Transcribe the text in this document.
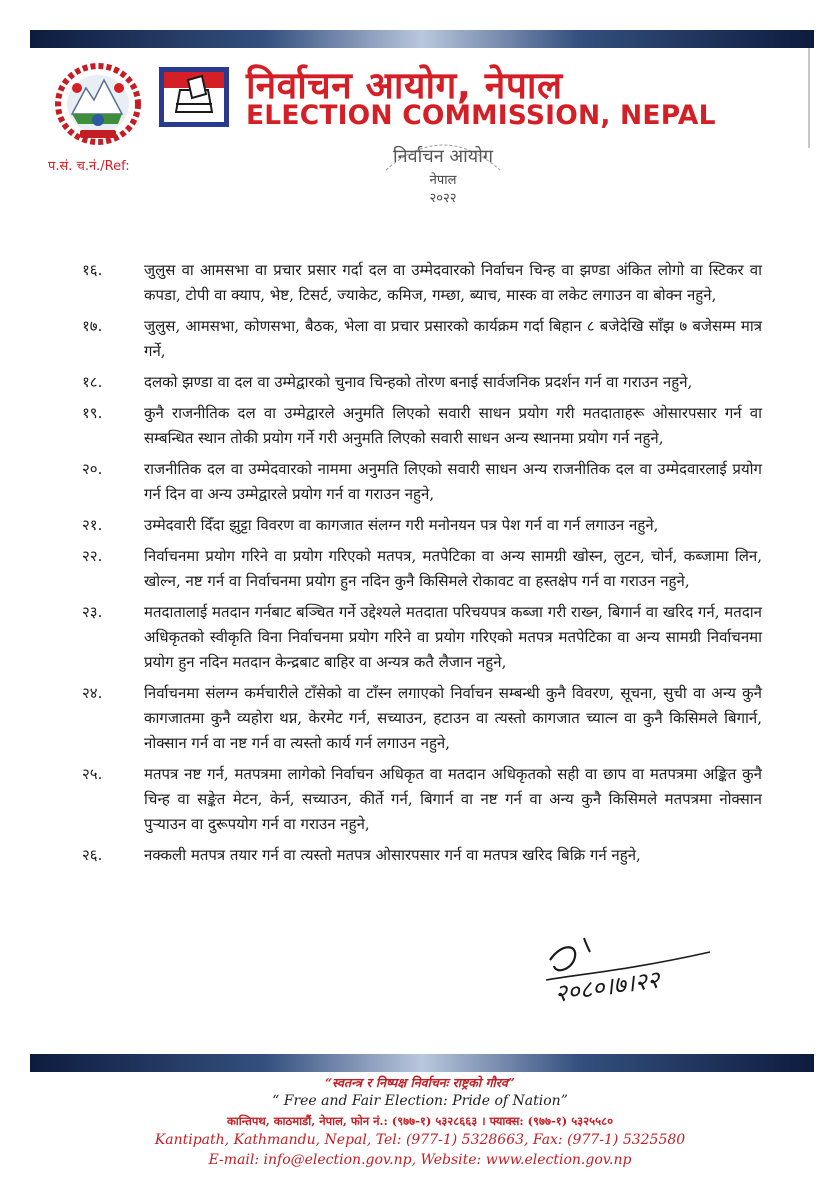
निर्वाचन आयोग, नेपाल
ELECTION COMMISSION, NEPAL
प.सं. च.नं./Ref:	निर्वाचन आयोग
नेपाल
२०२२
१६.	जुलुस वा आमसभा वा प्रचार प्रसार गर्दा दल वा उम्मेदवारको निर्वाचन चिन्ह वा झण्डा अंकित लोगो वा स्टिकर वा कपडा, टोपी वा क्याप, भेष्ट, टिसर्ट, ज्याकेट, कमिज, गम्छा, ब्याच, मास्क वा लकेट लगाउन वा बोक्न नहुने,
१७.	जुलुस, आमसभा, कोणसभा, बैठक, भेला वा प्रचार प्रसारको कार्यक्रम गर्दा बिहान ८ बजेदेखि साँझ ७ बजेसम्म मात्र गर्ने,
१८.	दलको झण्डा वा दल वा उम्मेद्वारको चुनाव चिन्हको तोरण बनाई सार्वजनिक प्रदर्शन गर्न वा गराउन नहुने,
१९.	कुनै राजनीतिक दल वा उम्मेद्वारले अनुमति लिएको सवारी साधन प्रयोग गरी मतदाताहरू ओसारपसार गर्न वा सम्बन्धित स्थान तोकी प्रयोग गर्ने गरी अनुमति लिएको सवारी साधन अन्य स्थानमा प्रयोग गर्न नहुने,
२०.	राजनीतिक दल वा उम्मेदवारको नाममा अनुमति लिएको सवारी साधन अन्य राजनीतिक दल वा उम्मेदवारलाई प्रयोग गर्न दिन वा अन्य उम्मेद्वारले प्रयोग गर्न वा गराउन नहुने,
२१.	उम्मेदवारी दिँदा झुट्टा विवरण वा कागजात संलग्न गरी मनोनयन पत्र पेश गर्न वा गर्न लगाउन नहुने,
२२.	निर्वाचनमा प्रयोग गरिने वा प्रयोग गरिएको मतपत्र, मतपेटिका वा अन्य सामग्री खोस्न, लुटन, चोर्न, कब्जामा लिन, खोल्न, नष्ट गर्न वा निर्वाचनमा प्रयोग हुन नदिन कुनै किसिमले रोकावट वा हस्तक्षेप गर्न वा गराउन नहुने,
२३.	मतदातालाई मतदान गर्नबाट बञ्चित गर्ने उद्देश्यले मतदाता परिचयपत्र कब्जा गरी राख्न, बिगार्न वा खरिद गर्न, मतदान अधिकृतको स्वीकृति विना निर्वाचनमा प्रयोग गरिने वा प्रयोग गरिएको मतपत्र मतपेटिका वा अन्य सामग्री निर्वाचनमा प्रयोग हुन नदिन मतदान केन्द्रबाट बाहिर वा अन्यत्र कतै लैजान नहुने,
२४.	निर्वाचनमा संलग्न कर्मचारीले टाँसेको वा टाँस्न लगाएको निर्वाचन सम्बन्धी कुनै विवरण, सूचना, सुची वा अन्य कुनै कागजातमा कुनै व्यहोरा थप्न, केरमेट गर्न, सच्याउन, हटाउन वा त्यस्तो कागजात च्यात्न वा कुनै किसिमले बिगार्न, नोक्सान गर्न वा नष्ट गर्न वा त्यस्तो कार्य गर्न लगाउन नहुने,
२५.	मतपत्र नष्ट गर्न, मतपत्रमा लागेको निर्वाचन अधिकृत वा मतदान अधिकृतको सही वा छाप वा मतपत्रमा अङ्कित कुनै चिन्ह वा सङ्केत मेटन, केर्न, सच्याउन, कीर्ते गर्न, बिगार्न वा नष्ट गर्न वा अन्य कुनै किसिमले मतपत्रमा नोक्सान पुऱ्याउन वा दुरूपयोग गर्न वा गराउन नहुने,
२६.	नक्कली मतपत्र तयार गर्न वा त्यस्तो मतपत्र ओसारपसार गर्न वा मतपत्र खरिद बिक्रि गर्न नहुने,
२०८०।७।२२
“स्वतन्त्र र निष्पक्ष निर्वाचनः राष्ट्रको गौरव”
“ Free and Fair Election: Pride of Nation”
कान्तिपथ, काठमाडौं, नेपाल, फोन नं.: (९७७-१) ५३२८६६३ । फ्याक्स: (९७७-१) ५३२५५८०
Kantipath, Kathmandu, Nepal, Tel: (977-1) 5328663, Fax: (977-1) 5325580
E-mail: info@election.gov.np, Website: www.election.gov.np
